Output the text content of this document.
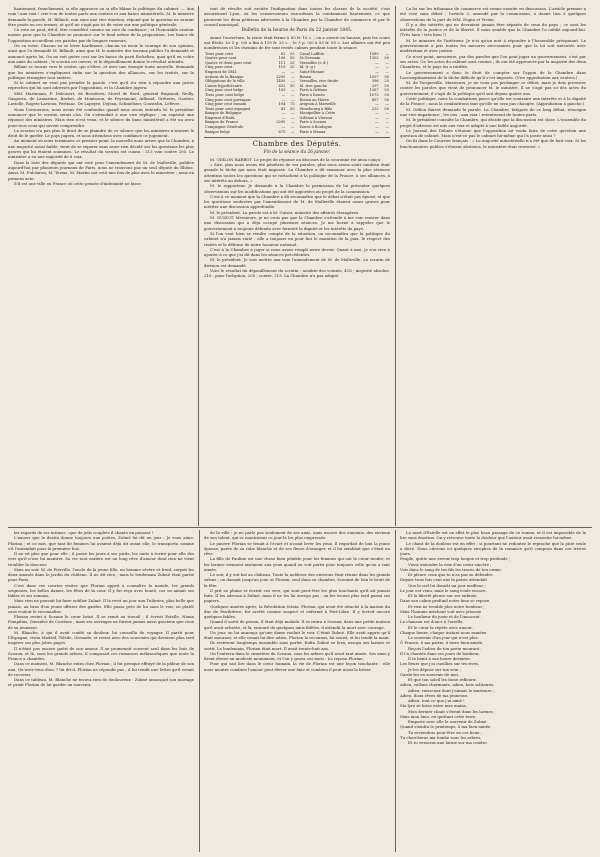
hautement, franchement, si elle approuve ou si elle blâme la politique du cabinet. — Aux voix ! aux voix ! crie-t-on de toutes parts aux centres et aux bancs ministériels. M. le ministre demande la parole. M. Billault, non sans une vive émotion, répond que la question ne saurait être posée en ces termes, et qu'il ne s'agit pas ici de voter sur une politique générale.

Ce vote ne peut, dit-il, être considéré comme un vote de confiance ; et l'honorable orateur insiste pour que la Chambre se prononce sur le fond même de la proposition. Les bancs de l'opposition accueillent ces paroles par de longues rumeurs.

On va voter. Chacun va se lever hardiment, chacun va avoir le courage de son opinion, ainsi que l'a demandé M. Billault, ainsi que M. le ministre des travaux publics l'a demandé et annoncé après lui. On ne voit guère ceci sur les bancs du parti Richelieu, quoi qu'il en coûte aux amis du cabinet ; le scrutin est ouvert, et le dépouillement donne le résultat attendu.

Billaut se tourne vers le centre, qui s'élève, et avec une énergie toute nouvelle, demande que les ministres s'expliquent enfin sur la question des alliances, sur les traités, sur la politique étrangère tout entière.

Si le cabinet ne veut pas prendre la parole, c'est qu'il n'a rien à répondre aux justes reproches qui lui sont adressés par l'opposition, et la Chambre jugera.

MM. Hartmann, F. Delessert, de Bussières, Morel de Bord, général Bugeaud, Reilly, Gaspurin, de Lamartine, Barbet, de Montozon, de Peyramont, Ailhaud, Gréterin, Gautier, Lavielle, Rogets-Lavieux, Pertinac, De Lapeyre, Dejean, Schmeltzer, Coustelin, Lefèvre.

Nous l'avouerons, nous avons été confondus quand nous avons entendu M. le président annoncer que le scrutin serait clos. On s'attendait à une vive réplique ; on espérait une réponse des ministres. Mais rien n'est venu, et le silence du banc ministériel a été un aveu pour tous ceux qui savent comprendre.

La session n'a pas plus le droit de se plaindre de ce silence que les ministres n'avaient le droit de le garder. Le pays jugera, et nous attendons avec confiance ce jugement.

Au moment où nous terminons ce premier point, la nouvelle nous arrive que la Chambre, à une majorité assez faible, vient de se séparer sans avoir rien décidé sur les questions les plus graves qui lui étaient soumises. Le résultat du scrutin est connu : 213 voix contre 205. Le ministère a eu une majorité de 8 voix.

Dans la liste des députés qui ont voté pour l'amendement de M. de Malleville, publiée aujourd'hui par plusieurs journaux de Paris, nous ne trouvons pas un seul député du Rhône. Ainsi, M. Fulchiron, M. Terme, M. Martin ont voté une fois de plus avec le ministère ; nous en prenons acte.

S'il est une ville en France où cette pensée d'indemnité ne fasse

tout de révolte soit excitée l'indignation dans toutes les classes de la société, c'est assurément Lyon, où les conservateurs eux-mêmes la condamnent hautement, ce que prouvent les deux pétitions adressées à la Chambre par la Chambre de commerce et par le conseil municipal.

Bulletin de la bourse de Paris du 22 janvier 1845.

Avant l'ouverture, la rente était ferme à 83 fr. 10 c. ; on a ouvert en hausse, puis les cours ont fléchi. Le 5 p. 0/0 a fini à 119 fr. 25 c. ; le 3 p. 0/0 à 83 fr. 05 c. Les affaires ont été peu nombreuses et les chemins de fer sont restés calmes pendant toute la séance.

Trois pour cent	83	05
Quatre pour cent	106	50
Quatre et demi pour cent	111	25
Cinq pour cent	119	25
Emprunt de 1841	—	—
Actions de la Banque	3295	—
Obligations de la ville	1450	—
Caisse hypothécaire	632	50
Cinq pour cent belge	103	—
Trois pour cent belge	—	—
Cinq pour cent portugais	—	—
Cinq pour cent romain	104	75
Trois pour cent espagnol	41	50
Banque de Belgique	—	—
Emprunt d'Haïti	—	—
Banque de France	3295	—
Compagnie Générale	—	—
Banque belge	675	—
Canal Laffitte	1085	—
St-Germain	1302	50
Versailles (r. d.)	—	—
Id. (r. g.)	—	—
Saint-Etienne	—	—
Rouen	1057	50
Versailles, rive droite	396	25
Id. rive gauche	297	50
Paris à Orléans	1267	50
Paris à Rouen	1072	50
Rouen au Havre	857	50
Avignon à Marseille	—	—
Strasbourg à Bâle	232	50
Montpellier à Cette	—	—
Orléans à Vierzon	—	—
Paris à Sceaux	—	—
Zones à Boulogne	—	—
Paris à Meaux	—	—
Chambre des Députés.
Fin de la séance du 26 janvier.

M. ODILON BARROT. Le projet de réponse au discours de la couronne est ainsi conçu :

« Sire, plus nous avons été pénétrés de vos paroles, plus nous avons senti combien était grande la tâche qui nous était imposée. La Chambre a dû examiner avec la plus sérieuse attention toutes les questions qui se rattachent à la politique de la France, à ses alliances, à ses intérêts au dehors. »

M. le rapporteur. Je demande à la Chambre la permission de lui présenter quelques observations sur les modifications qui ont été apportées au projet de la commission.

C'est à ce moment que la Chambre a dû reconnaître que le débat n'était pas épuisé, et que les questions soulevées par l'amendement de M. de Malleville étaient assez graves pour mériter une discussion approfondie.

M. le président. La parole est à M. Guizot, ministre des affaires étrangères.

M. GUIZOT. Messieurs, je ne crois pas que la Chambre s'attende à me voir rentrer dans une discussion qui a déjà occupé plusieurs séances. Je me borne à rappeler que le gouvernement a toujours défendu avec fermeté la dignité et les intérêts du pays.

Si l'on veut bien se rendre compte de la situation, on reconnaîtra que la politique du cabinet n'a jamais varié : elle a toujours eu pour but le maintien de la paix, le respect des traités et la défense de notre honneur national.

C'est à la Chambre à juger si nous avons rempli notre devoir. Quant à moi, je n'ai rien à ajouter à ce que j'ai dit dans les séances précédentes.

M. le président. Je vais mettre aux voix l'amendement de M. de Malleville. Le scrutin de division est demandé.

Voici le résultat du dépouillement du scrutin : nombre des votants, 418 ; majorité absolue, 210 ; pour l'adoption, 205 ; contre, 213. La Chambre n'a pas adopté.

La loi sur les tribunaux de commerce est venue ensuite en discussion. L'article premier a été voté sans débat ; l'article 2, amendé par la commission, a donné lieu à quelques observations de la part de MM. Dupin et Vivien.

Il y a des intérêts qui ne devraient jamais être séparés de ceux du pays ; ce sont les intérêts de la justice et de la liberté. Il nous semble que la Chambre l'a oublié aujourd'hui. (Très bien ! très bien !)

M. le ministre de l'intérieur. Je n'ai qu'un mot à répondre à l'honorable préopinant. Le gouvernement a pris toutes les mesures nécessaires pour que la loi soit exécutée avec modération et avec justice.

Ce n'est point, messieurs, par des paroles que l'on peut juger un gouvernement, c'est par ses actes. Or, les actes du cabinet sont connus ; ils ont été approuvés par la majorité des deux Chambres, et le pays les a ratifiés.

Le gouvernement a donc le droit de compter sur l'appui de la Chambre dans l'accomplissement de la tâche difficile qu'il s'est imposée. (Vive approbation aux centres.)

M. de Tocqueville. Messieurs, je ne veux pas prolonger ce débat, mais je dois protester contre les paroles que vient de prononcer M. le ministre. Il ne s'agit pas ici des actes du gouvernement, il s'agit de la politique qu'il suit depuis quatre ans.

Cette politique, nous la combattons parce qu'elle est contraire aux intérêts et à la dignité de la France ; nous la combattrons tant qu'elle ne sera pas changée. (Approbation à gauche.)

M. Odilon Barrot demande la parole. La Chambre, fatiguée de ce long débat, témoigne une vive impatience ; les cris : aux voix ! retentissent de toutes parts.

M. le président consulte la Chambre, qui décide que la discussion est close. L'ensemble du projet d'adresse est mis aux voix et adopté à une faible majorité.

Le Journal des Débats s'étonne que l'opposition ait voulu faire de cette question une question de cabinet. Mais n'est-ce pas le cabinet lui-même qui l'a posée ainsi ?

On lit dans le Courrier français : « La majorité ministérielle n'a été que de huit voix. Si les fonctionnaires publics s'étaient abstenus, le ministère était renversé. »

les regards de ses intimes : que de jolis couplets il chante en passant !

L'amour que le destin donne toujours aux poètes, Zulmé lui dit un jour : Je vous aime, Florian ; et ce mot, que tant de femmes lui avaient déjà dit avant elle, le transporta comme s'il l'entendait pour la première fois.

Il ne vit plus que pour elle ; il passe les jours à ses pieds, les nuits à écrire pour elle des vers qu'il n'ose lui montrer. Sa vie tout entière est un long rêve d'amour dont rien ne vient troubler la douceur.

Mais un soir, M. de Fierville, l'oncle de la jeune fille, un homme sévère et froid, surprit les deux amants dans le jardin du château. Il ne dit rien ; mais le lendemain Zulmé était partie pour Paris.

C'est dans ces courtes visites que Florian apprit à connaître le monde, les grands seigneurs, les belles dames, les fêtes de la cour. Il y fut reçu avec bonté, car on aimait ses fables et ses romans.

Mais rien ne pouvait lui faire oublier Zulmé. Il la revit un jour aux Tuileries, plus belle que jamais, au bras d'un jeune officier des gardes. Elle passa près de lui sans le voir, ou plutôt sans vouloir le reconnaître.

Florian revint à Sceaux le cœur brisé. Il se remit au travail ; il écrivit Estelle, Numa Pompilius, Gonzalve de Cordoue ; mais ses ouvrages ne furent jamais aussi gracieux que ceux de sa jeunesse.

M. Blanche, à qui il avait confié sa douleur, lui conseilla de voyager. Il partit pour l'Espagne, visita Madrid, Tolède, Grenade, et revint avec des souvenirs qui devaient plus tard inspirer ses plus jolies pages.

Il n'était pas encore guéri de son amour. Il se promenait souvent seul dans les bois de Sceaux, et là, sous les grands arbres, il composait ces romances mélancoliques que toute la France a chantées.

Dans ce moment, M. Blanche entra chez Florian ; il fut presque effrayé de la pâleur de son ami. Qu'avez-vous donc ? lui dit-il. Florian ne répondit pas ; il lui tendit une lettre qu'il venait de recevoir.

Dans ce tableau, M. Blanche ne trouva rien de douloureux : Zulmé annonçait son mariage et priait Florian de lui garder un souvenir.

de la ville : je ne parle pas seulement de ses amis, mais encore des ennemis, des envieux de son talent, qui se montraient ce jour-là les plus empressés.

Le pauvre Florian se tenait à l'écart et n'osait lever les yeux. Il regardait de loin la jeune épouse, parée de sa robe blanche et de ses fleurs d'oranger, et il lui semblait que c'était un rêve.

La fille de Pauline est une chose bien pénible pour les femmes qui ont le cœur tendre, et les larmes viennent aisément aux yeux quand on voit partir pour toujours celle qu'on a tant aimée.

Le soir, il y eut bal au château. Toute la noblesse des environs était réunie dans les grands salons ; on dansait jusqu'au jour, et Florian, seul dans sa chambre, écoutait de loin le bruit de la fête.

Il prit sa plume et écrivit ces vers, qui sont peut-être les plus touchants qu'il ait jamais faits. Il les adressa à Zulmé, mais il ne les lui envoya pas ; on les trouva plus tard parmi ses papiers.

Quelques années après, la Révolution éclata. Florian, qui avait été attaché à la maison du duc de Penthièvre, fut arrêté comme suspect et enfermé à Port-Libre. Il y écrivit encore quelques fables.

Quand il sortit de prison, il était déjà malade. Il se retira à Sceaux, dans une petite maison qu'il avait achetée, et là, entouré de quelques amis fidèles, il attendit la mort avec courage.

Un jour, on lui annonça qu'une dame voulait le voir. C'était Zulmé. Elle avait appris qu'il était mourant, et elle venait lui dire adieu. Florian la reconnut, lui sourit, et lui tendit la main.

Ils restèrent longtemps ensemble sans parler. Enfin Zulmé se leva, essuya ses larmes et sortit. Le lendemain, Florian était mort. Il avait trente-huit ans.

On l'enterra dans le cimetière de Sceaux, sous les arbres qu'il avait tant aimés. Ses amis y firent élever un modeste monument, et l'on y grava ces mots : Ici repose Florian.

Pour qui sait lire dans le cœur humain, la vie de Florian est une leçon touchante : elle nous montre combien l'amour peut élever une âme et combien il peut aussi la briser.

La mort d'Estelle est en effet le plus beau passage de ce roman, et il est impossible de le lire sans émotion. On y retrouve toute la douleur que l'auteur avait ressentie lui-même.

Le chant de la douleur est en effet : si pourtant ne redoutez le reproche que la pitié seule a dicté. Nous citerons ici quelques strophes de la romance qu'il composa dans ces tristes jours.

Peuple, quitte une erreur trop longue et trop profonde ;

Viens entendre la voix d'un cœur sincère ;

Vois dans le sang de tes fils les traces de ton crime,

Et pleure ceux que tu n'as pas su défendre.

Depuis trois fois cent ans la patrie attendait

Que le ciel lui donnât un jour meilleur ;

Le jour est venu, mais le sang coule encore,

Et la liberté pleure sur ses enfants.

Dans son calme profond notre âme se repose,

Et rien ne trouble plus notre bonheur ;

Mais l'homme méchant voit avec jalousie

Le bonheur du juste et de l'innocent.

La chanson est douce à l'oreille,

Et le cœur la répète avec amour ;

Chaque heure, chaque instant nous ramène

Le souvenir d'un jour qui n'est plus.

Ô France, ô ma patrie, ô terre bien-aimée,

Reçois l'adieu de ton poète mourant ;

Il t'a chantée dans ses jours de bonheur,

Il te bénit à son heure dernière.

Les fleurs que j'ai cueillies sur tes rives,

Je les dépose sur ton sein ;

Garde-les en souvenir de moi,

Et que ton soleil les fasse refleurir.

Adieu, vallons charmants, adieu, bois solitaires,

Adieu, ruisseaux dont j'aimais le murmure ;

Adieu, doux rêves de ma jeunesse,

Adieu, tout ce que j'ai aimé !

Ma lyre se brise entre mes mains,

Mon dernier chant s'éteint dans les larmes ;

Mais mon âme, en quittant cette terre,

Emporte avec elle le souvenir de Zulmé.

Quand viendra le printemps, ô ma bien-aimée,

Tu reviendras peut-être en ces lieux ;

Tu chercheras ma tombe sous les arbres,

Et tu verseras une larme sur ma cendre.
